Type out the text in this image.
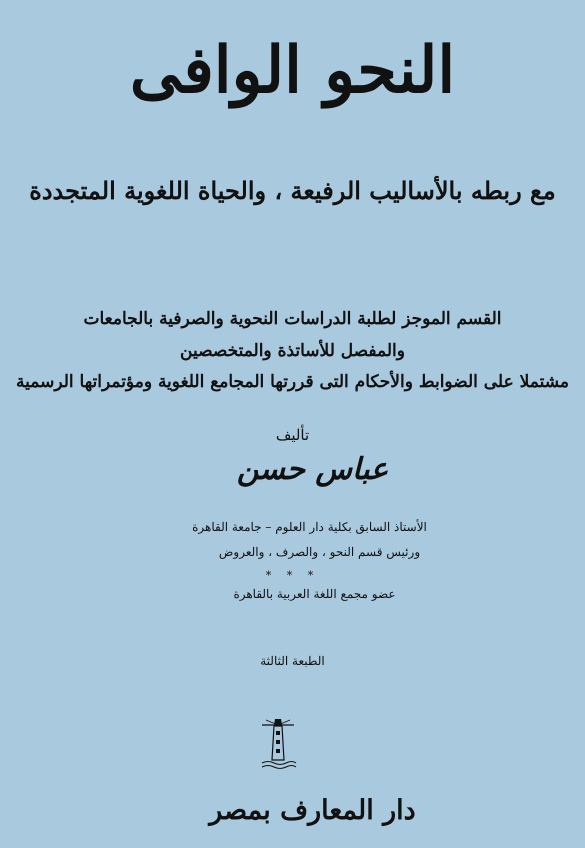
النحو الوافى

مع ربطه بالأساليب الرفيعة ، والحياة اللغوية المتجددة

القسم الموجز لطلبة الدراسات النحوية والصرفية بالجامعات

والمفصل للأساتذة والمتخصصين

مشتملا على الضوابط والأحكام التى قررتها المجامع اللغوية ومؤتمراتها الرسمية

تأليف

عباس حسن

الأستاذ السابق بكلية دار العلوم – جامعة القاهرة

ورئيس قسم النحو ، والصرف ، والعروض

* * *

عضو مجمع اللغة العربية بالقاهرة

الطبعة الثالثة

دار المعارف بمصر
